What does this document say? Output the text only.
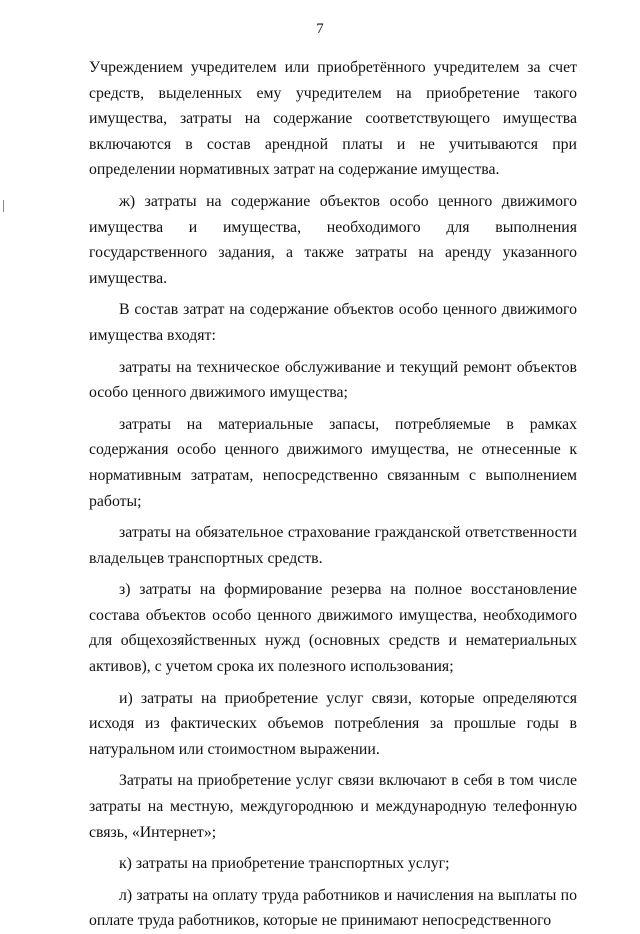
7

Учреждением учредителем или приобретённого учредителем за счет средств, выделенных ему учредителем на приобретение такого имущества, затраты на содержание соответствующего имущества включаются в состав арендной платы и не учитываются при определении нормативных затрат на содержание имущества.

ж) затраты на содержание объектов особо ценного движимого имущества и имущества, необходимого для выполнения государственного задания, а также затраты на аренду указанного имущества.

В состав затрат на содержание объектов особо ценного движимого имущества входят:

затраты на техническое обслуживание и текущий ремонт объектов особо ценного движимого имущества;

затраты на материальные запасы, потребляемые в рамках содержания особо ценного движимого имущества, не отнесенные к нормативным затратам, непосредственно связанным с выполнением работы;

затраты на обязательное страхование гражданской ответственности владельцев транспортных средств.

з) затраты на формирование резерва на полное восстановление состава объектов особо ценного движимого имущества, необходимого для общехозяйственных нужд (основных средств и нематериальных активов), с учетом срока их полезного использования;

и) затраты на приобретение услуг связи, которые определяются исходя из фактических объемов потребления за прошлые годы в натуральном или стоимостном выражении.

Затраты на приобретение услуг связи включают в себя в том числе затраты на местную, междугороднюю и международную телефонную связь, «Интернет»;

к) затраты на приобретение транспортных услуг;

л) затраты на оплату труда работников и начисления на выплаты по оплате труда работников, которые не принимают непосредственного
